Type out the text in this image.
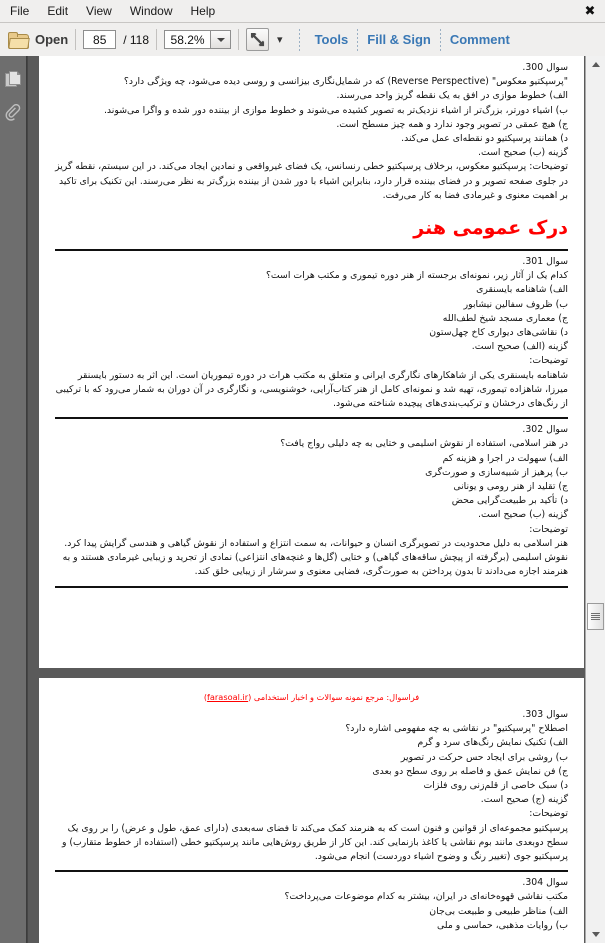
File	Edit	View	Window	Help	✖
Open	85	/ 118	58.2%	▾ Tools Fill & Sign Comment
سوال 300.
"پرسپکتیو معکوس" (Reverse Perspective) که در شمایل‌نگاری بیزانسی و روسی دیده می‌شود، چه ویژگی دارد؟
الف) خطوط موازی در افق به یک نقطه گریز واحد می‌رسند.
ب) اشیاء دورتر، بزرگ‌تر از اشیاء نزدیک‌تر به تصویر کشیده می‌شوند و خطوط موازی از بیننده دور شده و واگرا می‌شوند.
ج) هیچ عمقی در تصویر وجود ندارد و همه چیز مسطح است.
د) همانند پرسپکتیو دو نقطه‌ای عمل می‌کند.
گزینه (ب) صحیح است.
توضیحات: پرسپکتیو معکوس، برخلاف پرسپکتیو خطی رنسانس، یک فضای غیرواقعی و نمادین ایجاد می‌کند. در این سیستم، نقطه گریز در جلوی صفحه تصویر و در فضای بیننده قرار دارد، بنابراین اشیاء با دور شدن از بیننده بزرگ‌تر به نظر می‌رسند. این تکنیک برای تاکید بر اهمیت معنوی و غیرمادی فضا به کار می‌رفت.
درک عمومی هنر
سوال 301.
کدام یک از آثار زیر، نمونه‌ای برجسته از هنر دوره تیموری و مکتب هرات است؟
الف) شاهنامه بایسنقری
ب) ظروف سفالین نیشابور
ج) معماری مسجد شیخ لطف‌الله
د) نقاشی‌های دیواری کاخ چهل‌ستون
گزینه (الف) صحیح است.
توضیحات:
شاهنامه بایسنقری یکی از شاهکارهای نگارگری ایرانی و متعلق به مکتب هرات در دوره تیموریان است. این اثر به دستور بایسنقر میرزا، شاهزاده تیموری، تهیه شد و نمونه‌ای کامل از هنر کتاب‌آرایی، خوشنویسی، و نگارگری در آن دوران به شمار می‌رود که با ترکیبی از رنگ‌های درخشان و ترکیب‌بندی‌های پیچیده شناخته می‌شود.
سوال 302.
در هنر اسلامی، استفاده از نقوش اسلیمی و ختایی به چه دلیلی رواج یافت؟
الف) سهولت در اجرا و هزینه کم
ب) پرهیز از شبیه‌سازی و صورت‌گری
ج) تقلید از هنر رومی و یونانی
د) تأکید بر طبیعت‌گرایی محض
گزینه (ب) صحیح است.
توضیحات:
هنر اسلامی به دلیل محدودیت در تصویرگری انسان و حیوانات، به سمت انتزاع و استفاده از نقوش گیاهی و هندسی گرایش پیدا کرد. نقوش اسلیمی (برگرفته از پیچش ساقه‌های گیاهی) و ختایی (گل‌ها و غنچه‌های انتزاعی) نمادی از تجرید و زیبایی غیرمادی هستند و به هنرمند اجازه می‌دادند تا بدون پرداختن به صورت‌گری، فضایی معنوی و سرشار از زیبایی خلق کند.
فراسوال: مرجع نمونه سوالات و اخبار استخدامی (farasoal.ir)
سوال 303.
اصطلاح "پرسپکتیو" در نقاشی به چه مفهومی اشاره دارد؟
الف) تکنیک نمایش رنگ‌های سرد و گرم
ب) روشی برای ایجاد حس حرکت در تصویر
ج) فن نمایش عمق و فاصله بر روی سطح دو بعدی
د) سبک خاصی از قلم‌زنی روی فلزات
گزینه (ج) صحیح است.
توضیحات:
پرسپکتیو مجموعه‌ای از قوانین و فنون است که به هنرمند کمک می‌کند تا فضای سه‌بعدی (دارای عمق، طول و عرض) را بر روی یک سطح دوبعدی مانند بوم نقاشی یا کاغذ بازنمایی کند. این کار از طریق روش‌هایی مانند پرسپکتیو خطی (استفاده از خطوط متقارب) و پرسپکتیو جوی (تغییر رنگ و وضوح اشیاء دوردست) انجام می‌شود.
سوال 304.
مکتب نقاشی قهوه‌خانه‌ای در ایران، بیشتر به کدام موضوعات می‌پرداخت؟
الف) مناظر طبیعی و طبیعت بی‌جان
ب) روایات مذهبی، حماسی و ملی
